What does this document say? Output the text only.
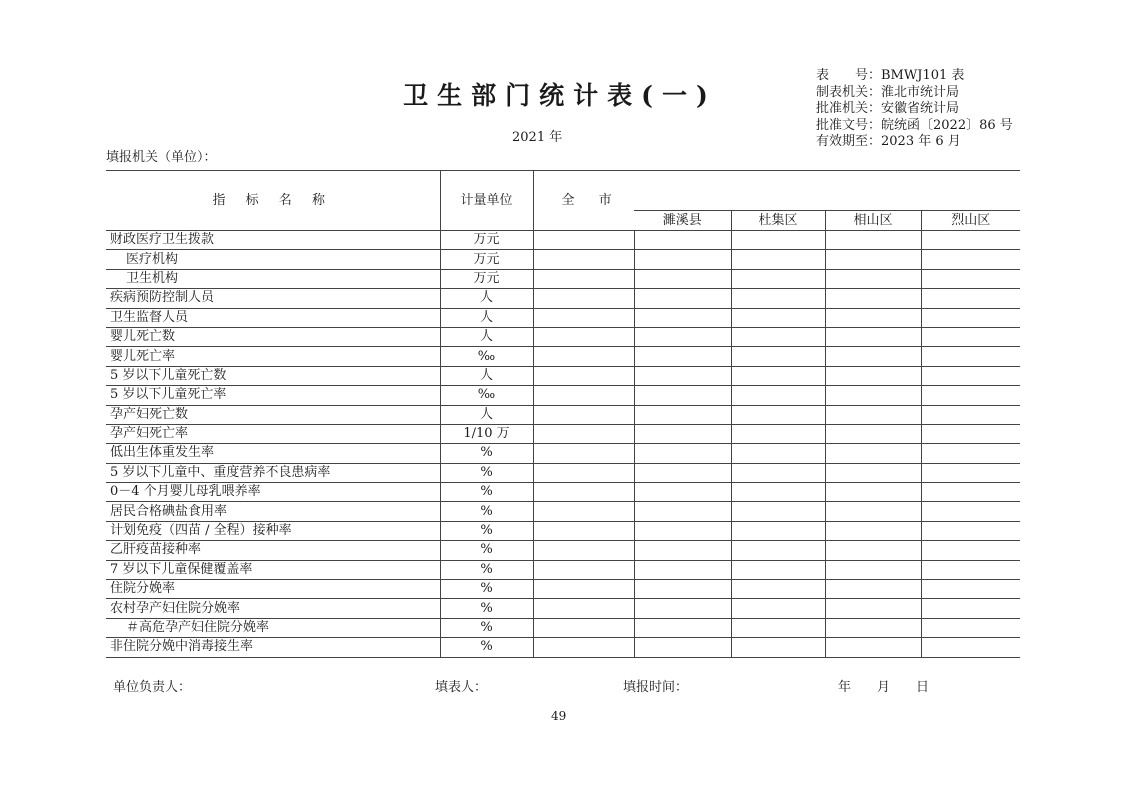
卫生部门统计表(一)
2021 年
填报机关（单位）：
表　　号：BMWJ101 表
制表机关：淮北市统计局
批准机关：安徽省统计局
批准文号：皖统函〔2022〕86 号
有效期至：2023 年 6 月
指 标 名 称	计量单位	全 市				
			濉溪县	杜集区	相山区	烈山区
财政医疗卫生拨款	万元					
医疗机构	万元					
卫生机构	万元					
疾病预防控制人员	人					
卫生监督人员	人					
婴儿死亡数	人					
婴儿死亡率	‰					
5 岁以下儿童死亡数	人					
5 岁以下儿童死亡率	‰					
孕产妇死亡数	人					
孕产妇死亡率	1/10 万					
低出生体重发生率	%					
5 岁以下儿童中、重度营养不良患病率	%					
0－4 个月婴儿母乳喂养率	%					
居民合格碘盐食用率	%					
计划免疫（四苗 / 全程）接种率	%					
乙肝疫苗接种率	%					
7 岁以下儿童保健覆盖率	%					
住院分娩率	%					
农村孕产妇住院分娩率	%					
＃高危孕产妇住院分娩率	%					
非住院分娩中消毒接生率	%					
单位负责人：	填表人：	填报时间：	年　　月　　日
49
